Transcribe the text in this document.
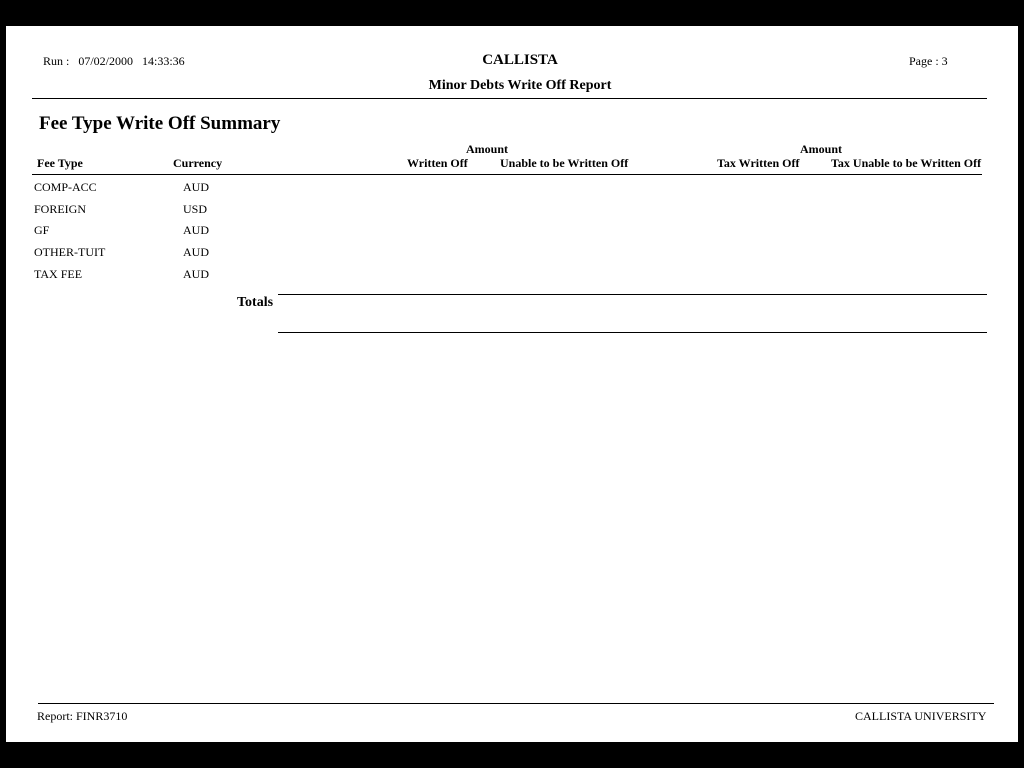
Run : 07/02/2000 14:33:36	CALLISTA
Minor Debts Write Off Report
Page : 3
Fee Type Write Off Summary
Amount	Amount
Fee Type	Currency	Written Off	Unable to be Written Off	Tax Written Off	Tax Unable to be Written Off
COMP-ACC	AUD
FOREIGN	USD
GF	AUD
OTHER-TUIT	AUD
TAX FEE	AUD
Totals
Report: FINR3710	CALLISTA UNIVERSITY
